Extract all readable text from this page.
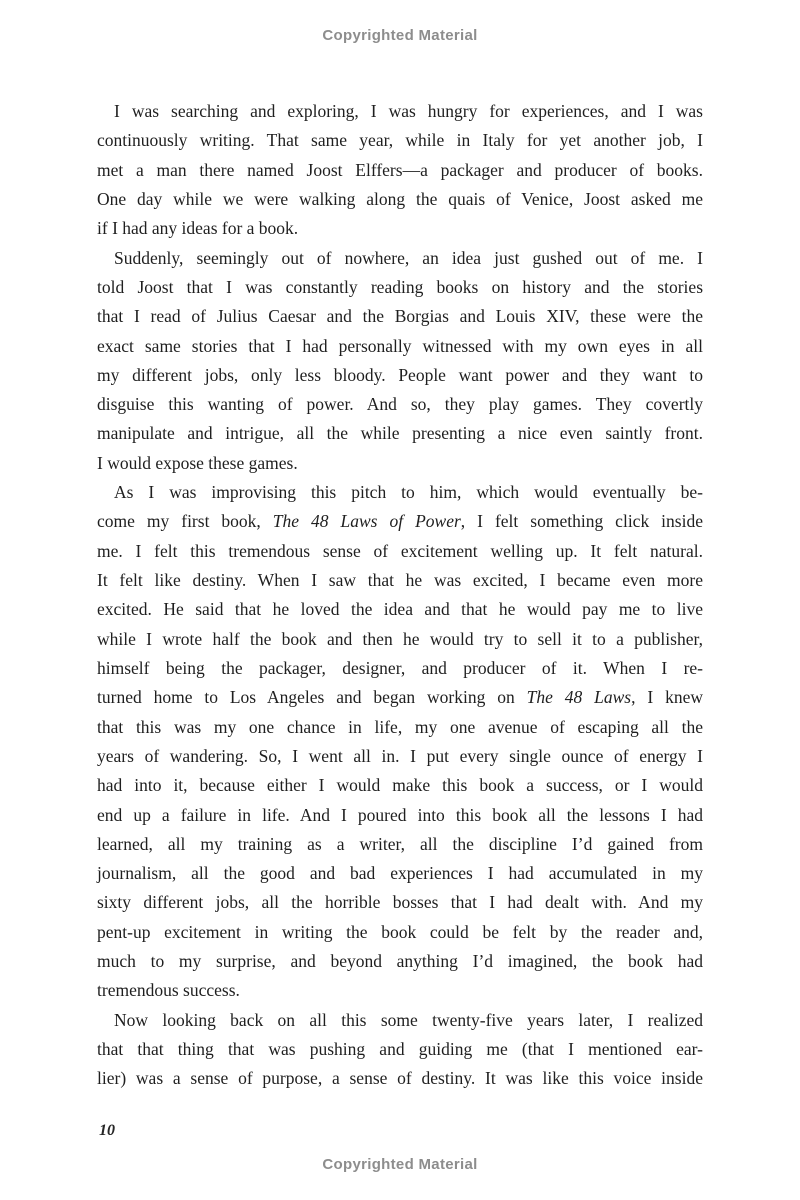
Copyrighted Material
I was searching and exploring, I was hungry for experiences, and I was
continuously writing. That same year, while in Italy for yet another job, I
met a man there named Joost Elffers—a packager and producer of books.
One day while we were walking along the quais of Venice, Joost asked me
if I had any ideas for a book.
Suddenly, seemingly out of nowhere, an idea just gushed out of me. I
told Joost that I was constantly reading books on history and the stories
that I read of Julius Caesar and the Borgias and Louis XIV, these were the
exact same stories that I had personally witnessed with my own eyes in all
my different jobs, only less bloody. People want power and they want to
disguise this wanting of power. And so, they play games. They covertly
manipulate and intrigue, all the while presenting a nice even saintly front.
I would expose these games.
As I was improvising this pitch to him, which would eventually be-
come my first book, The 48 Laws of Power, I felt something click inside
me. I felt this tremendous sense of excitement welling up. It felt natural.
It felt like destiny. When I saw that he was excited, I became even more
excited. He said that he loved the idea and that he would pay me to live
while I wrote half the book and then he would try to sell it to a publisher,
himself being the packager, designer, and producer of it. When I re-
turned home to Los Angeles and began working on The 48 Laws, I knew
that this was my one chance in life, my one avenue of escaping all the
years of wandering. So, I went all in. I put every single ounce of energy I
had into it, because either I would make this book a success, or I would
end up a failure in life. And I poured into this book all the lessons I had
learned, all my training as a writer, all the discipline I’d gained from
journalism, all the good and bad experiences I had accumulated in my
sixty different jobs, all the horrible bosses that I had dealt with. And my
pent-up excitement in writing the book could be felt by the reader and,
much to my surprise, and beyond anything I’d imagined, the book had
tremendous success.
Now looking back on all this some twenty-five years later, I realized
that that thing that was pushing and guiding me (that I mentioned ear-
lier) was a sense of purpose, a sense of destiny. It was like this voice inside
10
Copyrighted Material
